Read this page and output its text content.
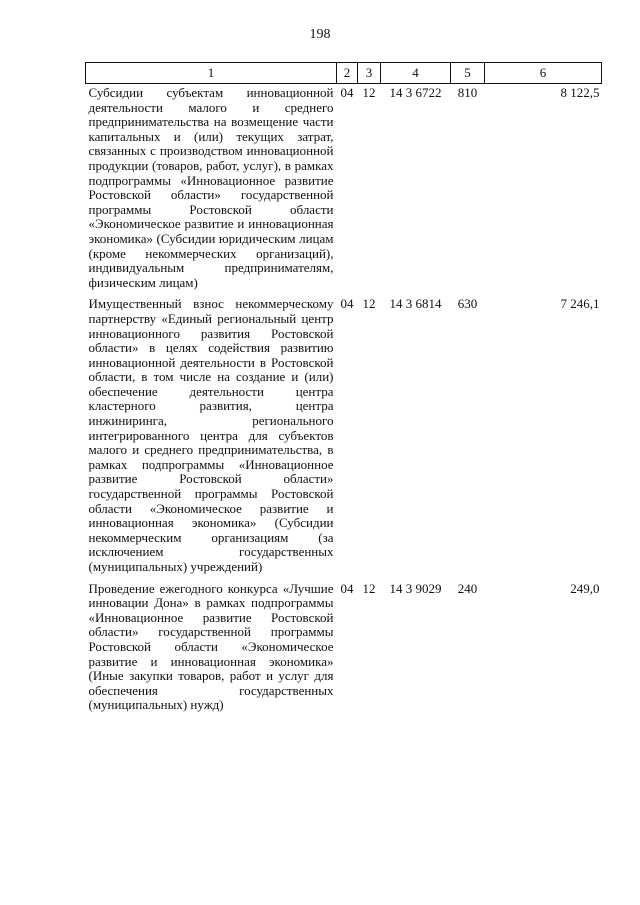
198
1	2	3	4	5	6
Субсидии субъектам инновационной деятельности малого и среднего предпринимательства на возмещение части капитальных и (или) текущих затрат, связанных с производством инновационной продукции (товаров, работ, услуг), в рамках подпрограммы «Инновационное развитие Ростовской области» государственной программы Ростовской области «Экономическое развитие и инновационная экономика» (Субсидии юридическим лицам (кроме некоммерческих организаций), индивидуальным предпринимателям, физическим лицам)	04	12	14 3 6722	810	8 122,5
Имущественный взнос некоммерческому партнерству «Единый региональный центр инновационного развития Ростовской области» в целях содействия развитию инновационной деятельности в Ростовской области, в том числе на создание и (или) обеспечение деятельности центра кластерного развития, центра инжиниринга, регионального интегрированного центра для субъектов малого и среднего предпринимательства, в рамках подпрограммы «Инновационное развитие Ростовской области» государственной программы Ростовской области «Экономическое развитие и инновационная экономика» (Субсидии некоммерческим организациям (за исключением государственных (муниципальных) учреждений)	04	12	14 3 6814	630	7 246,1
Проведение ежегодного конкурса «Лучшие инновации Дона» в рамках подпрограммы «Инновационное развитие Ростовской области» государственной программы Ростовской области «Экономическое развитие и инновационная экономика» (Иные закупки товаров, работ и услуг для обеспечения государственных (муниципальных) нужд)	04	12	14 3 9029	240	249,0
